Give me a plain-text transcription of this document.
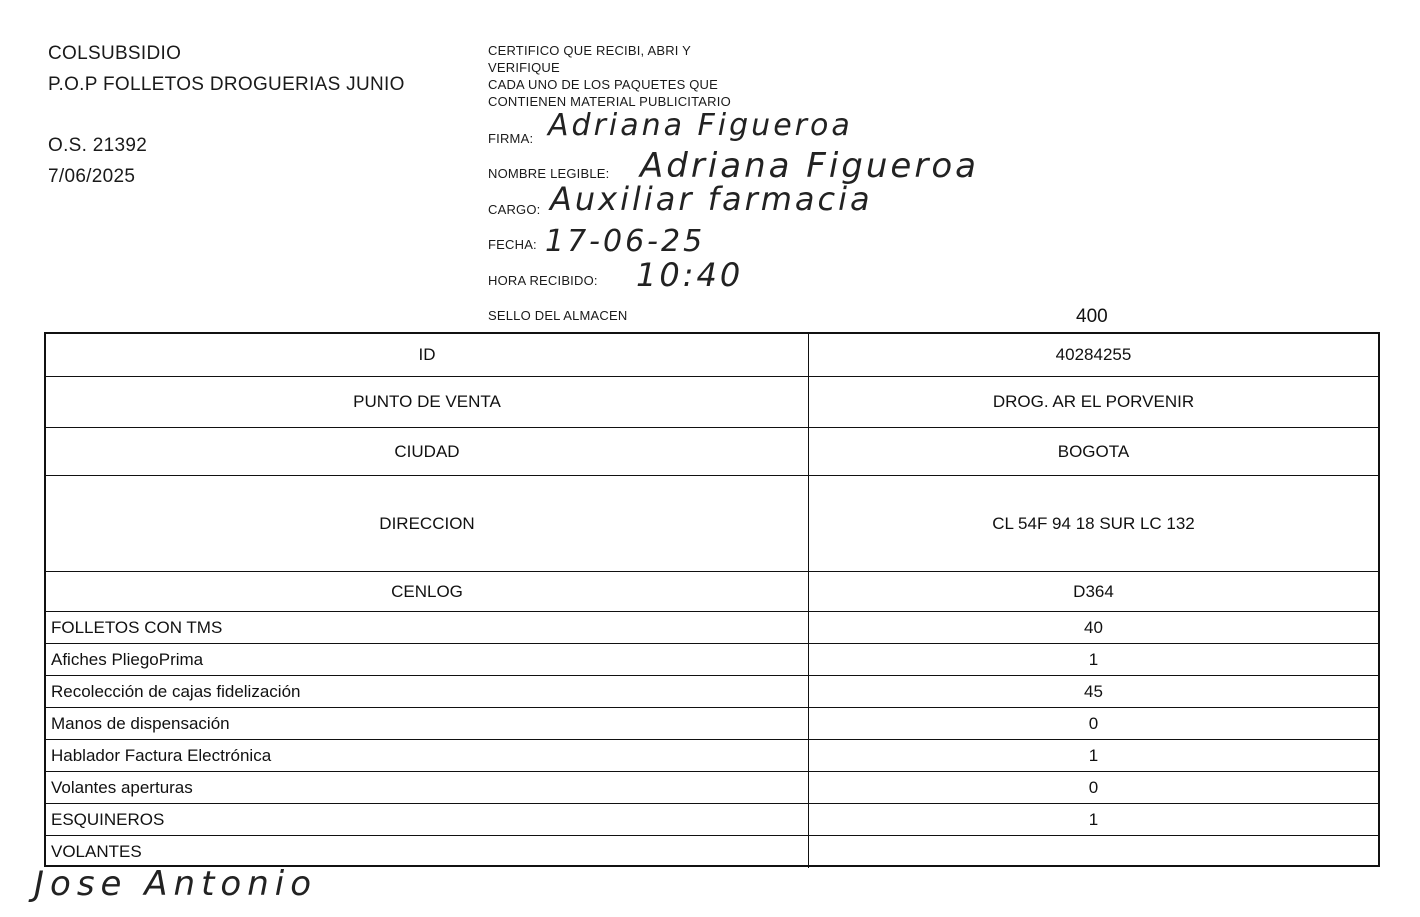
COLSUBSIDIO
P.O.P FOLLETOS DROGUERIAS JUNIO
O.S. 21392
7/06/2025
CERTIFICO QUE RECIBI, ABRI Y
VERIFIQUE
CADA UNO DE LOS PAQUETES QUE
CONTIENEN MATERIAL PUBLICITARIO
FIRMA: Adriana Figueroa
NOMBRE LEGIBLE: Adriana Figueroa
CARGO: Auxiliar farmacia
FECHA: 17-06-25
HORA RECIBIDO: 10:40
SELLO DEL ALMACEN	400
ID	40284255
PUNTO DE VENTA	DROG. AR EL PORVENIR
CIUDAD	BOGOTA
DIRECCION	CL 54F 94 18 SUR LC 132
CENLOG	D364
FOLLETOS CON TMS	40
Afiches PliegoPrima	1
Recolección de cajas fidelización	45
Manos de dispensación	0
Hablador Factura Electrónica	1
Volantes aperturas	0
ESQUINEROS	1
VOLANTES
Jose Antonio
